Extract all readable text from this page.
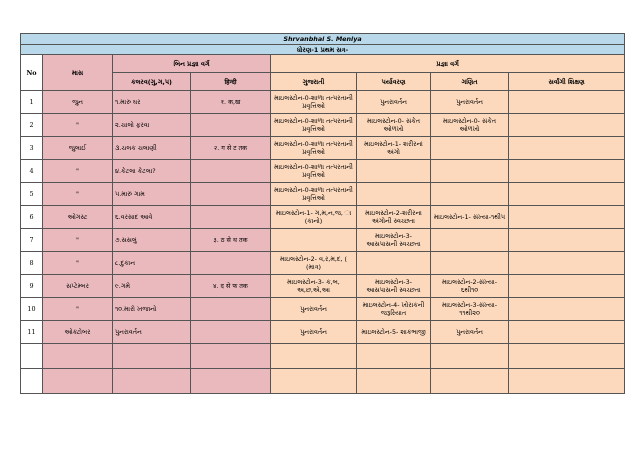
Shrvanbhai S. Meniya							
ધોરણ-1 પ્રથમ સત્ર-							
No	માસ	બિન પ્રજ્ઞા વર્ગ		પ્રજ્ઞા વર્ગ			
		કલરવ(ગુ,ગ,પ)	हिन्दी	ગુજરાતી	પર્યાવરણ	ગણિત	સર્વાંગી શિક્ષણ
1	જુન	૧.મારુ ઘર	१. क,ख	માઇલસ્ટોન-0-શાળા તત્પરતાની પ્રવૃત્તિઓ	પુનરાવર્તન	પુનરાવર્તન	
2	"	૨.ચાલો ફરવા		માઇલસ્ટોન-0-શાળા તત્પરતાની પ્રવૃત્તિઓ	માઇલસ્ટોન-0- સંકેત ઓળખો	માઇલસ્ટોન-0- સંકેત ઓળખો	
3	જુલાઈ	૩.ચલક ચલાણી	२. ग से ट तक	માઇલસ્ટોન-0-શાળા તત્પરતાની પ્રવૃત્તિઓ	માઇલસ્ટોન-1- શરીરનાં અંગો		
4	"	૪.કેટલા કેટલા?		માઇલસ્ટોન-0-શાળા તત્પરતાની પ્રવૃત્તિઓ			
5	"	૫.મારું ગામ		માઇલસ્ટોન-0-શાળા તત્પરતાની પ્રવૃત્તિઓ			
6	ઓગસ્ટ	૬.વરસાદ આવે		માઇલસ્ટોન-1- ગ,મ,ન,જ, ા (કાનો)	માઇલસ્ટોન-2-શરીરના અંગોની સ્વચ્છતા	માઇલસ્ટોન-1- સંખ્યા-૧થી૫	
7	"	૭.સસલું	३. ठ से थ तक		માઇલસ્ટોન-3- આસપાસની સ્વચ્છતા		
8	"	૮.દુકાન		માઇલસ્ટોન-2- વ,ર,મ,દ, ( (માત્ર)			
9	સપ્ટેમ્બર	૯.ગમે	४. द से फ तक	માઇલસ્ટોન-3- ક,બ, અ,છ,એ,આ	માઇલસ્ટોન-3- આસપાસની સ્વચ્છતા	માઇલસ્ટોન-2-સંખ્યા- ૬થી૧૦	
10	"	૧૦.મારો ખજાનો		પુનરાવર્તન	માઇલસ્ટોન-4- ખોરાકની જરૂરિયાત	માઇલસ્ટોન-3-સંખ્યા- ૧૧થી૨૦	
11	ઓક્ટોબર	પુનરાવર્તન		પુનરાવર્તન	માઇલસ્ટોન-5- શાકભાજી	પુનરાવર્તન	
